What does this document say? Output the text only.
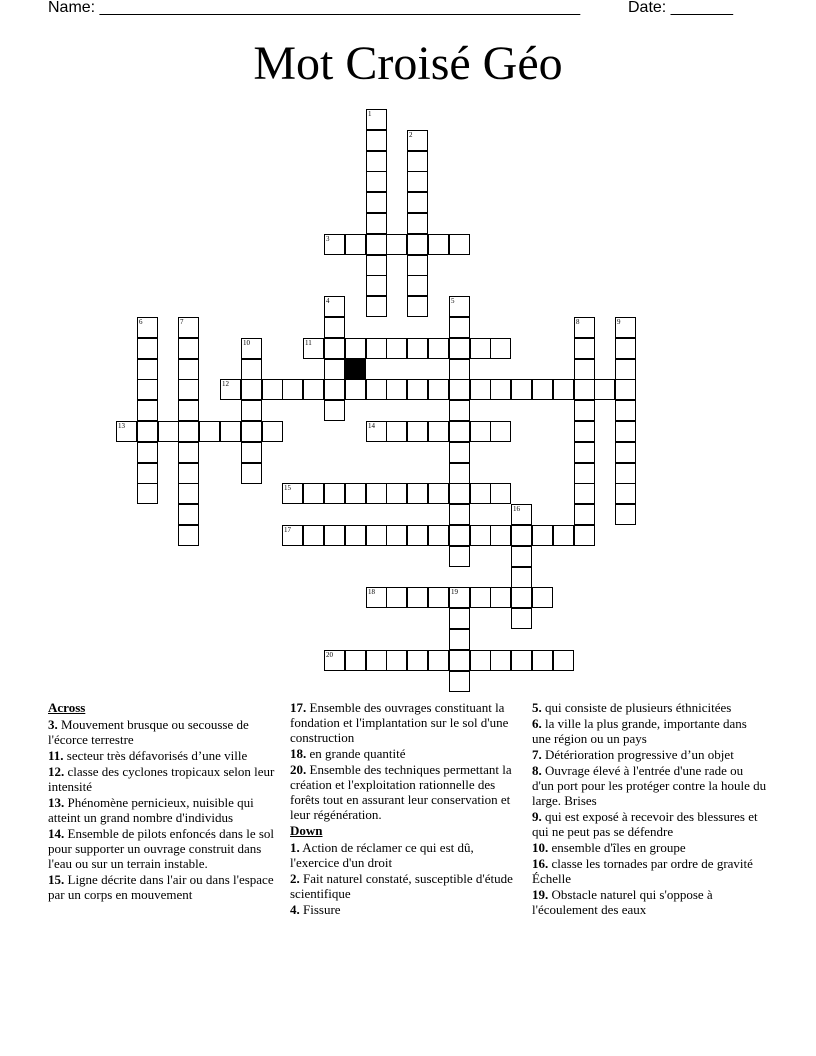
Name: ______________________________________________________	Date: _______
Mot Croisé Géo
1
2
3
4	5
6	7	8	9
10	11
12
13	14
15
16
17
18	19
20
Across
3. Mouvement brusque ou secousse de l'écorce terrestre
11. secteur très défavorisés d’une ville
12. classe des cyclones tropicaux selon leur intensité
13. Phénomène pernicieux, nuisible qui atteint un grand nombre d'individus
14. Ensemble de pilots enfoncés dans le sol pour supporter un ouvrage construit dans l'eau ou sur un terrain instable.
15. Ligne décrite dans l'air ou dans l'espace par un corps en mouvement
17. Ensemble des ouvrages constituant la fondation et l'implantation sur le sol d'une construction
18. en grande quantité
20. Ensemble des techniques permettant la création et l'exploitation rationnelle des forêts tout en assurant leur conservation et leur régénération.
Down
1. Action de réclamer ce qui est dû, l'exercice d'un droit
2. Fait naturel constaté, susceptible d'étude scientifique
4. Fissure
5. qui consiste de plusieurs éthnicitées
6. la ville la plus grande, importante dans une région ou un pays
7. Détérioration progressive d’un objet
8. Ouvrage élevé à l'entrée d'une rade ou d'un port pour les protéger contre la houle du large. Brises
9. qui est exposé à recevoir des blessures et qui ne peut pas se défendre
10. ensemble d'îles en groupe
16. classe les tornades par ordre de gravité Échelle
19. Obstacle naturel qui s'oppose à l'écoulement des eaux
